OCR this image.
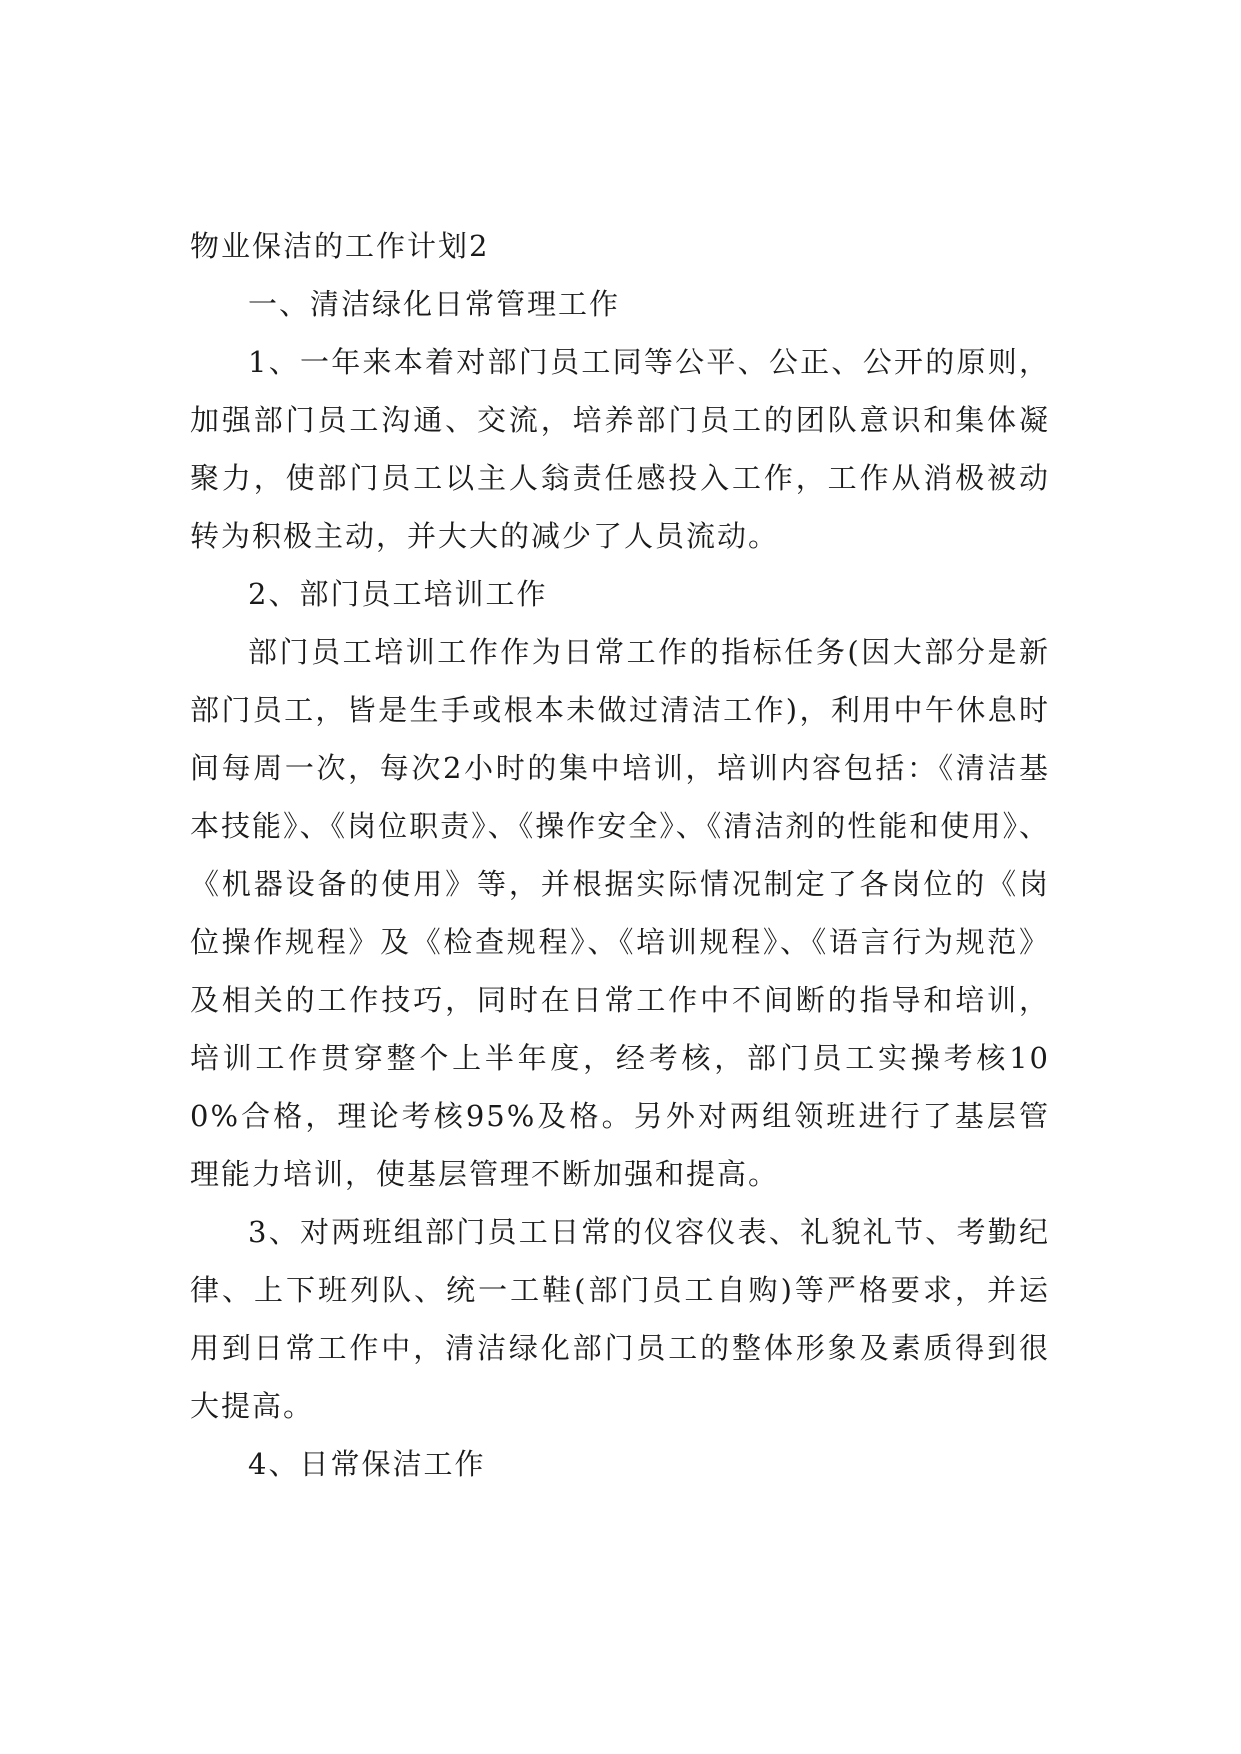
物业保洁的工作计划2

一、清洁绿化日常管理工作

1、一年来本着对部门员工同等公平、公正、公开的原则，加强部门员工沟通、交流，培养部门员工的团队意识和集体凝聚力，使部门员工以主人翁责任感投入工作，工作从消极被动转为积极主动，并大大的减少了人员流动。

2、部门员工培训工作

部门员工培训工作作为日常工作的指标任务(因大部分是新部门员工，皆是生手或根本未做过清洁工作)，利用中午休息时间每周一次，每次2小时的集中培训，培训内容包括：《清洁基本技能》、《岗位职责》、《操作安全》、《清洁剂的性能和使用》、《机器设备的使用》等，并根据实际情况制定了各岗位的《岗位操作规程》及《检查规程》、《培训规程》、《语言行为规范》及相关的工作技巧，同时在日常工作中不间断的指导和培训，培训工作贯穿整个上半年度，经考核，部门员工实操考核100%合格，理论考核95%及格。另外对两组领班进行了基层管理能力培训，使基层管理不断加强和提高。

3、对两班组部门员工日常的仪容仪表、礼貌礼节、考勤纪律、上下班列队、统一工鞋(部门员工自购)等严格要求，并运用到日常工作中，清洁绿化部门员工的整体形象及素质得到很大提高。

4、日常保洁工作
